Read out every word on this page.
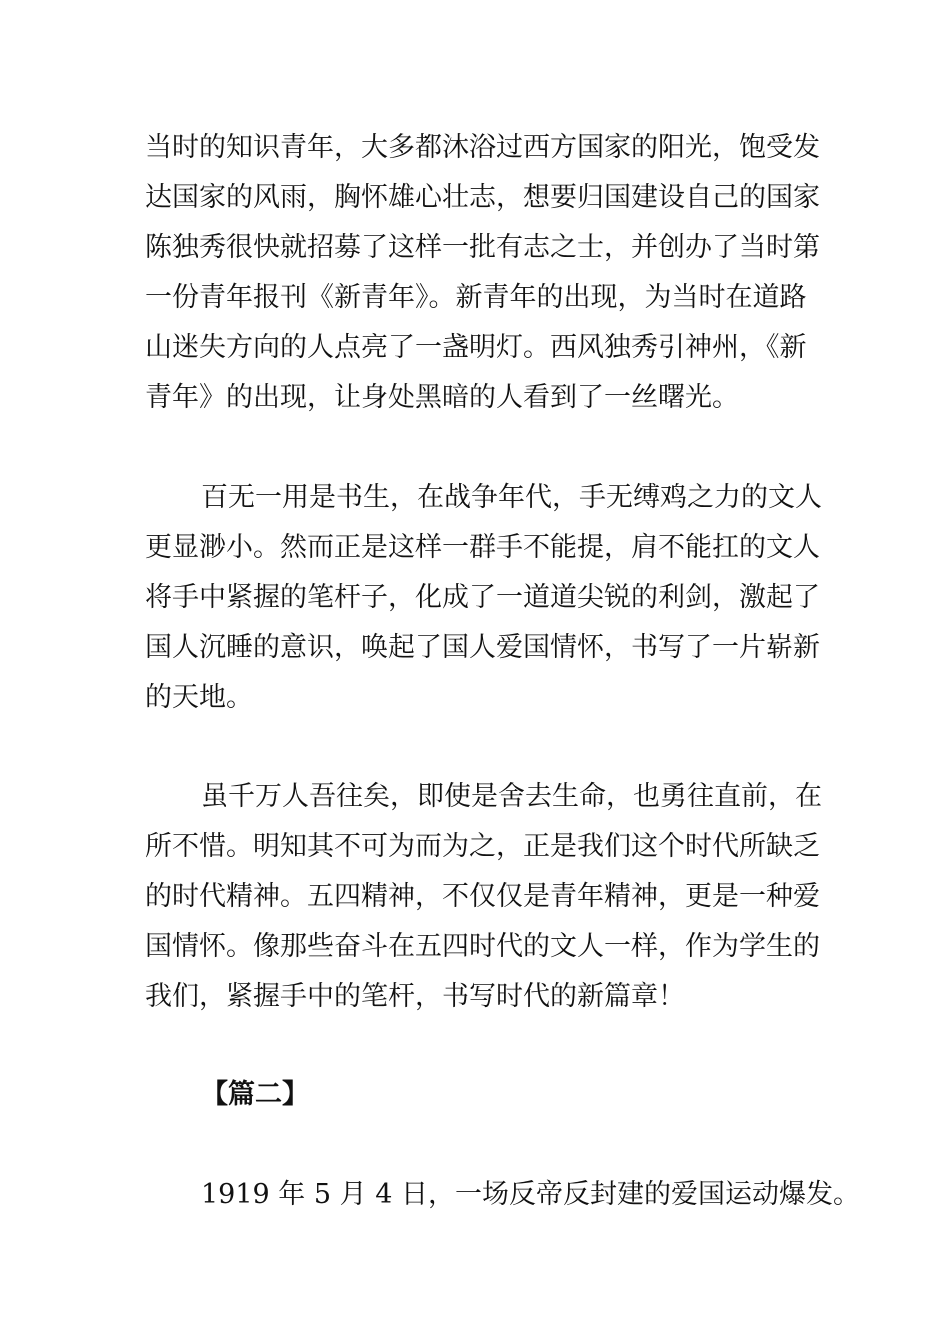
当时的知识青年，大多都沐浴过西方国家的阳光，饱受发
达国家的风雨，胸怀雄心壮志，想要归国建设自己的国家
陈独秀很快就招募了这样一批有志之士，并创办了当时第
一份青年报刊《新青年》。新青年的出现，为当时在道路
山迷失方向的人点亮了一盏明灯。西风独秀引神州，《新
青年》的出现，让身处黑暗的人看到了一丝曙光。
百无一用是书生，在战争年代，手无缚鸡之力的文人
更显渺小。然而正是这样一群手不能提，肩不能扛的文人
将手中紧握的笔杆子，化成了一道道尖锐的利剑，激起了
国人沉睡的意识，唤起了国人爱国情怀，书写了一片崭新
的天地。
虽千万人吾往矣，即使是舍去生命，也勇往直前，在
所不惜。明知其不可为而为之，正是我们这个时代所缺乏
的时代精神。五四精神，不仅仅是青年精神，更是一种爱
国情怀。像那些奋斗在五四时代的文人一样，作为学生的
我们，紧握手中的笔杆，书写时代的新篇章！
【篇二】
1919 年 5 月 4 日，一场反帝反封建的爱国运动爆发。
